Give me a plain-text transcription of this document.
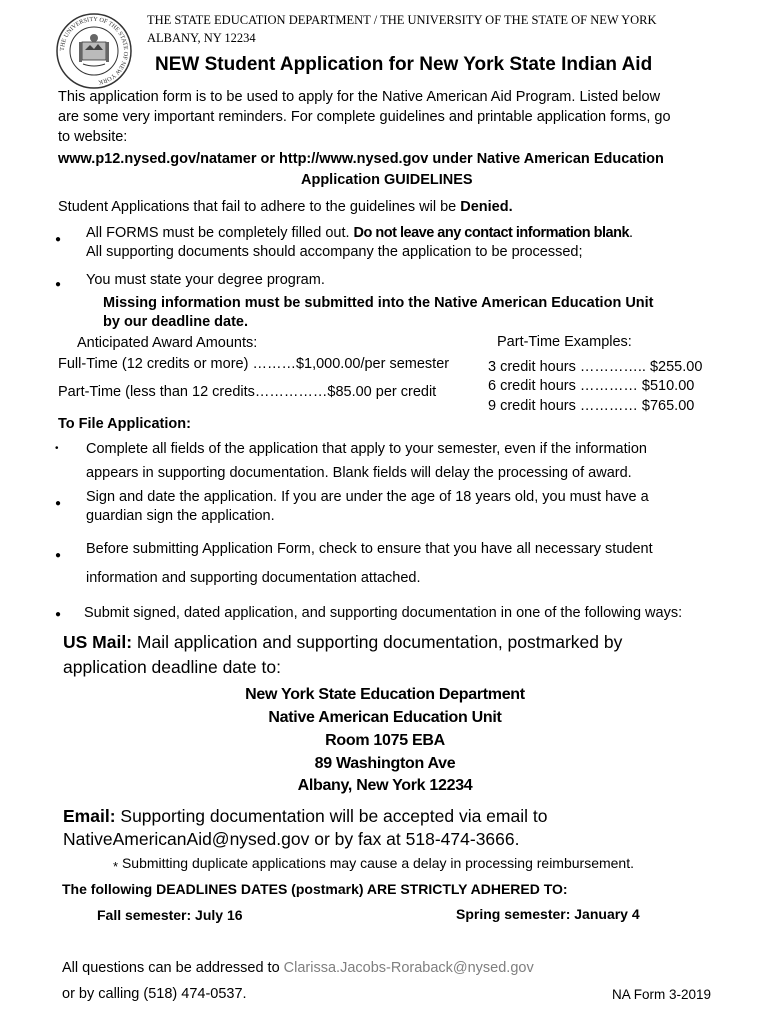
THE UNIVERSITY OF THE STATE OF NEW YORK
THE STATE EDUCATION DEPARTMENT / THE UNIVERSITY OF THE STATE OF NEW YORK
ALBANY, NY 12234
NEW Student Application for New York State Indian Aid
This application form is to be used to apply for the Native American Aid Program. Listed below
are some very important reminders. For complete guidelines and printable application forms, go
to website:
www.p12.nysed.gov/natamer or http://www.nysed.gov under Native American Education
Application GUIDELINES
Student Applications that fail to adhere to the guidelines wil be Denied.
● All FORMS must be completely filled out. Do not leave any contact information blank.
All supporting documents should accompany the application to be processed;
● You must state your degree program.
Missing information must be submitted into the Native American Education Unit
by our deadline date.
Anticipated Award Amounts:
Full-Time (12 credits or more) ………$1,000.00/per semester
Part-Time (less than 12 credits……………$85.00 per credit
Part-Time Examples:
3 credit hours ………….. $255.00
6 credit hours ………… $510.00
9 credit hours ………… $765.00
To File Application:
• Complete all fields of the application that apply to your semester, even if the information
appears in supporting documentation. Blank fields will delay the processing of award.
● Sign and date the application. If you are under the age of 18 years old, you must have a
guardian sign the application.
● Before submitting Application Form, check to ensure that you have all necessary student
information and supporting documentation attached.
● Submit signed, dated application, and supporting documentation in one of the following ways:
US Mail: Mail application and supporting documentation, postmarked by
application deadline date to:
New York State Education Department
Native American Education Unit
Room 1075 EBA
89 Washington Ave
Albany, New York 12234
Email: Supporting documentation will be accepted via email to
NativeAmericanAid@nysed.gov or by fax at 518-474-3666.
* Submitting duplicate applications may cause a delay in processing reimbursement.
The following DEADLINES DATES (postmark) ARE STRICTLY ADHERED TO:
Fall semester: July 16	Spring semester: January 4
All questions can be addressed to Clarissa.Jacobs-Roraback@nysed.gov
or by calling (518) 474-0537.	NA Form 3-2019
